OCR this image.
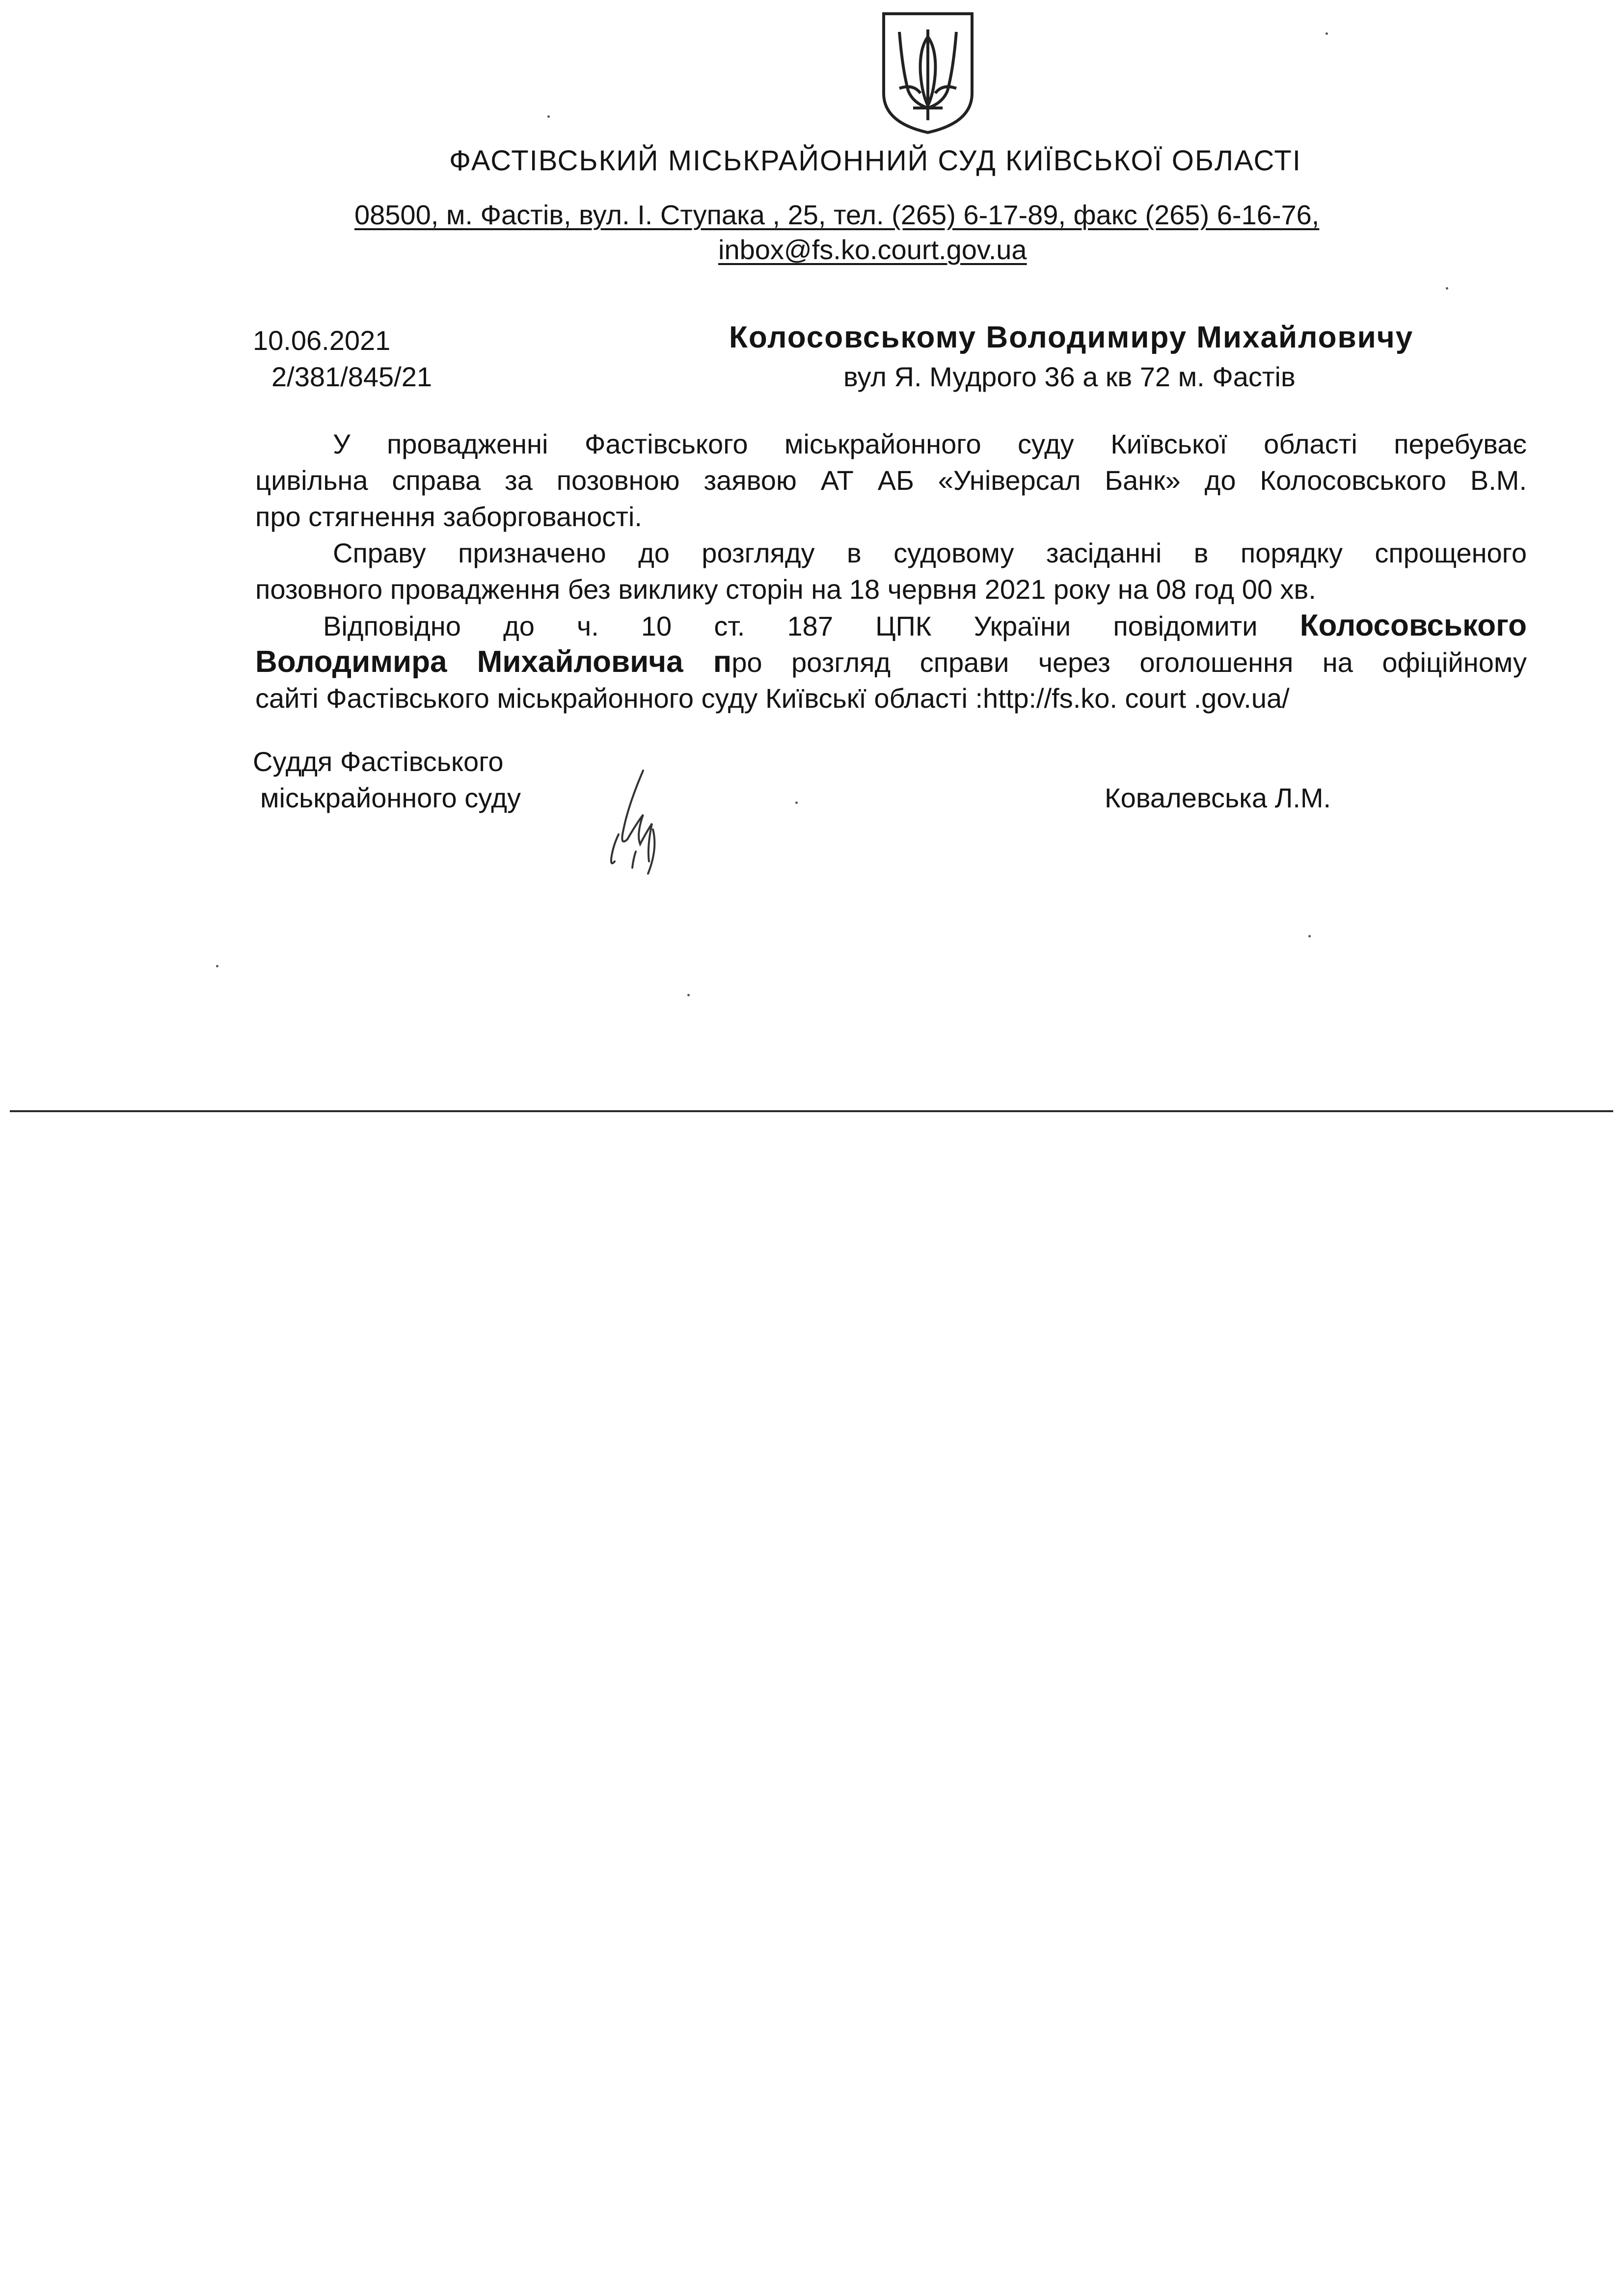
ФАСТІВСЬКИЙ МІСЬКРАЙОННИЙ СУД КИЇВСЬКОЇ ОБЛАСТІ
08500, м. Фастів, вул. І. Ступака , 25, тел. (265) 6-17-89, факс (265) 6-16-76,
inbox@fs.ko.court.gov.ua
10.06.2021
2/381/845/21
Колосовському Володимиру Михайловичу
вул Я. Мудрого 36 а кв 72 м. Фастів
У провадженні Фастівського міськрайонного суду Київської області перебуває
цивільна справа за позовною заявою АТ АБ «Універсал Банк» до Колосовського В.М.
про стягнення заборгованості.
Справу призначено до розгляду в судовому засіданні в порядку спрощеного
позовного провадження без виклику сторін на 18 червня 2021 року на 08 год 00 хв.
Відповідно до ч. 10 ст. 187 ЦПК України повідомити Колосовського
Володимира Михайловича про розгляд справи через оголошення на офіційному
сайті Фастівського міськрайонного суду Київськї області :http://fs.ko. court .gov.ua/
Суддя Фастівського
міськрайонного суду	Ковалевська Л.М.
